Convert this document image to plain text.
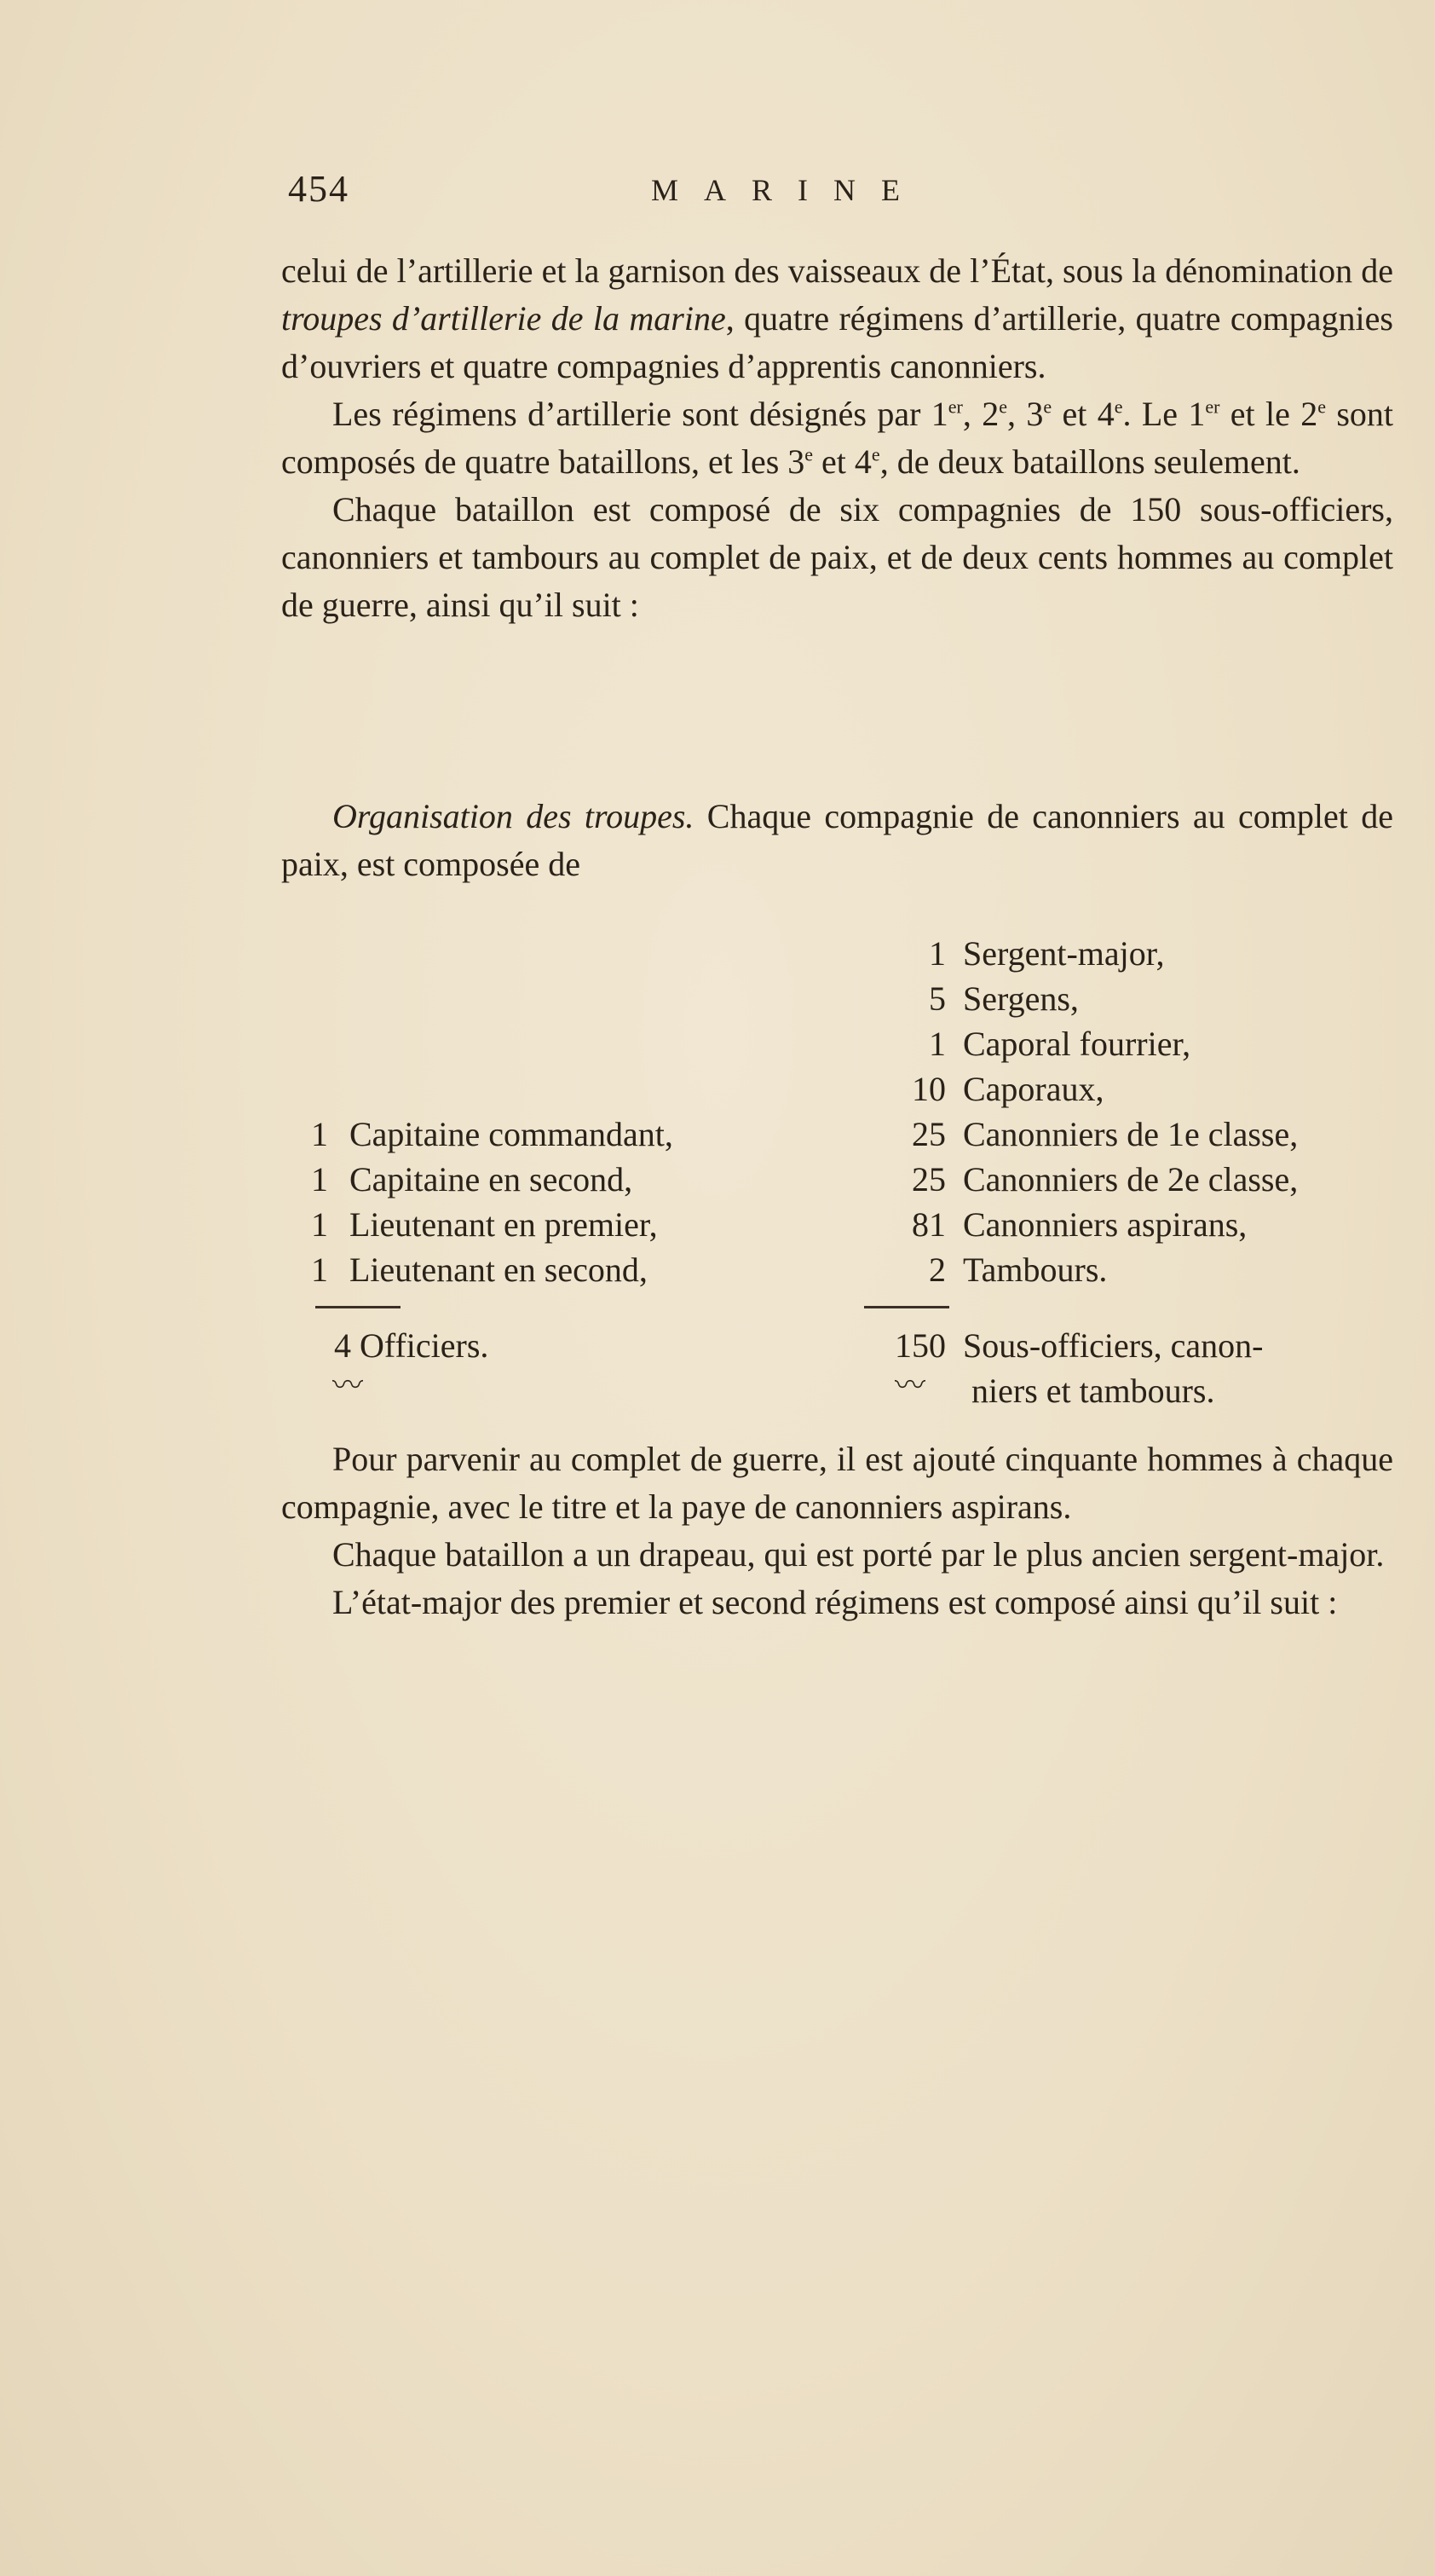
454	MARINE

celui de l’artillerie et la garnison des vaisseaux de l’État, sous la dénomination de troupes d’artillerie de la marine, quatre régimens d’artillerie, quatre compagnies d’ouvriers et quatre compagnies d’apprentis canonniers.

Les régimens d’artillerie sont désignés par 1er, 2e, 3e et 4e. Le 1er et le 2e sont composés de quatre bataillons, et les 3e et 4e, de deux bataillons seulement.

Chaque bataillon est composé de six compagnies de 150 sous-officiers, canonniers et tambours au complet de paix, et de deux cents hommes au complet de guerre, ainsi qu’il suit :

Organisation des troupes. Chaque compagnie de canonniers au complet de paix, est composée de

1 Sergent-major,
5 Sergens,
1 Caporal fourrier,
10 Caporaux,
1 Capitaine commandant,	25 Canonniers de 1e classe,
1 Capitaine en second,	25 Canonniers de 2e classe,
1 Lieutenant en premier,	81 Canonniers aspirans,
1 Lieutenant en second,	2 Tambours.
4 Officiers.	150 Sous-officiers, canon-
〰	〰 niers et tambours.

Pour parvenir au complet de guerre, il est ajouté cinquante hommes à chaque compagnie, avec le titre et la paye de canonniers aspirans.

Chaque bataillon a un drapeau, qui est porté par le plus ancien sergent-major.

L’état-major des premier et second régimens est composé ainsi qu’il suit :
